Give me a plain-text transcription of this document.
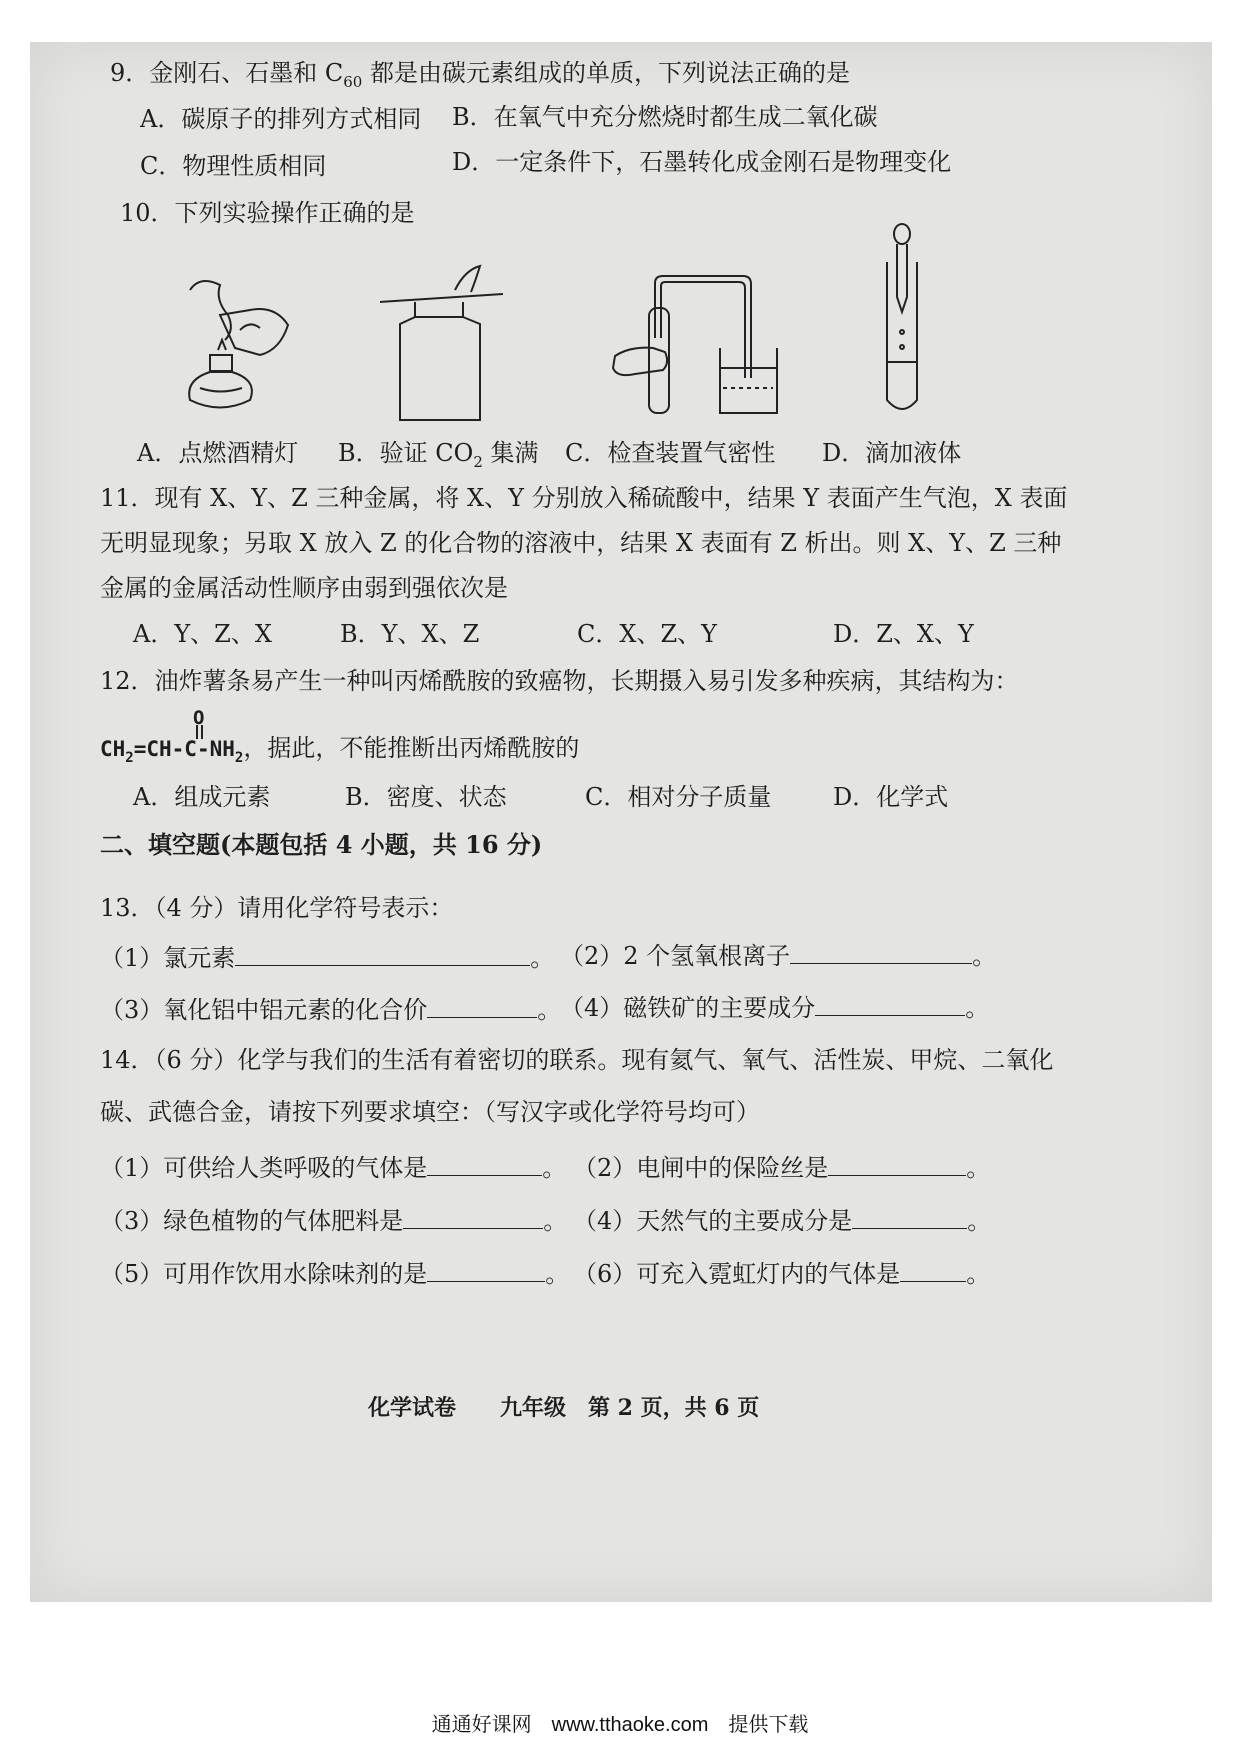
9．金刚石、石墨和 $C_{60}$ 都是由碳元素组成的单质，下列说法正确的是
A．碳原子的排列方式相同 B．在氧气中充分燃烧时都生成二氧化碳
C．物理性质相同	D．一定条件下，石墨转化成金刚石是物理变化
10．下列实验操作正确的是
A．点燃酒精灯 B．验证 $CO_2$ 集满 C．检查装置气密性 D．滴加液体
11．现有 X、Y、Z 三种金属，将 X、Y 分别放入稀硫酸中，结果 Y 表面产生气泡，X 表面
无明显现象；另取 X 放入 Z 的化合物的溶液中，结果 X 表面有 Z 析出。则 X、Y、Z 三种
金属的金属活动性顺序由弱到强依次是
A．Y、Z、X	B．Y、X、Z	C．X、Z、Y	D．Z、X、Y
12．油炸薯条易产生一种叫丙烯酰胺的致癌物，长期摄入易引发多种疾病，其结构为：
O
$CH_2=CH-C-NH_2$，据此，不能推断出丙烯酰胺的
A．组成元素	B．密度、状态	C．相对分子质量	D．化学式
二、填空题(本题包括 4 小题，共 16 分)
13．（4 分）请用化学符号表示：
（1）氯元素	。 （2）2 个氢氧根离子	。
（3）氧化铝中铝元素的化合价	。
（4）磁铁矿的主要成分	。
14．（6 分）化学与我们的生活有着密切的联系。现有氦气、氧气、活性炭、甲烷、二氧化
碳、武德合金，请按下列要求填空：（写汉字或化学符号均可）
（1）可供给人类呼吸的气体是	。 （2）电闸中的保险丝是	。
（3）绿色植物的气体肥料是	。 （4）天然气的主要成分是	。
（5）可用作饮用水除味剂的是	。 （6）可充入霓虹灯内的气体是	。
化学试卷　　九年级　第 2 页，共 6 页
通通好课网　www.tthaoke.com　提供下载
